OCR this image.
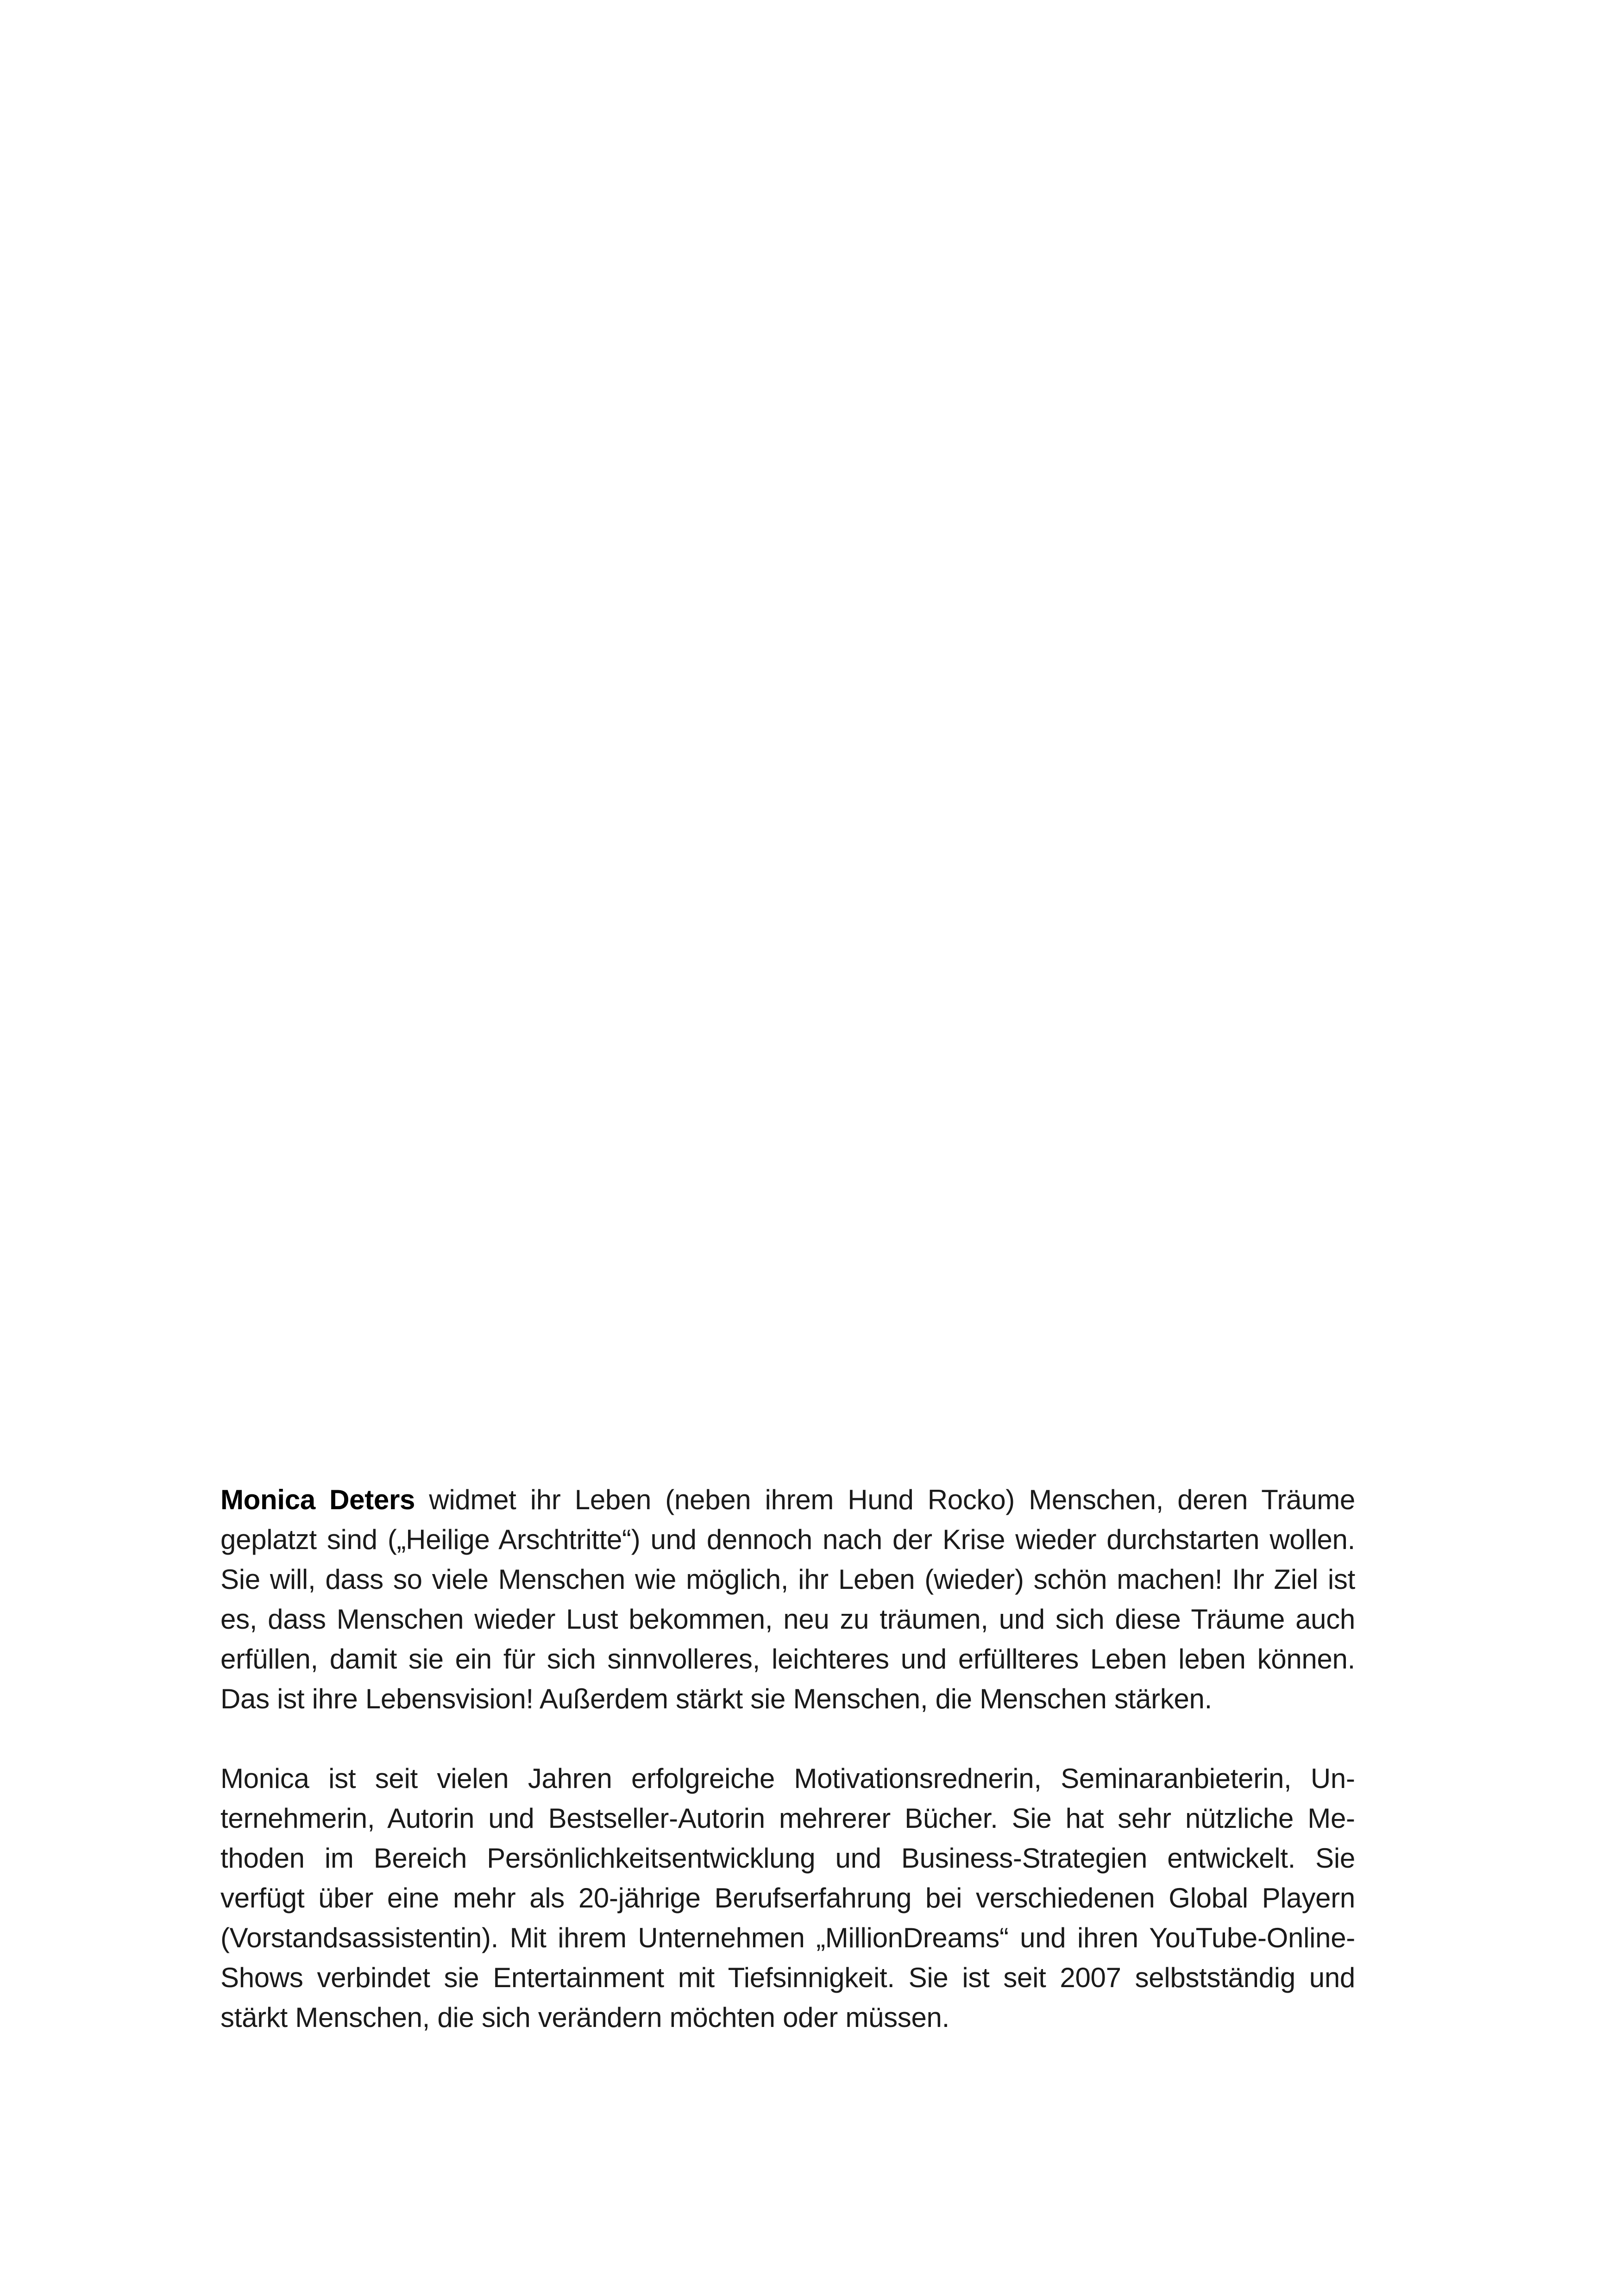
Monica Deters widmet ihr Leben (neben ihrem Hund Rocko) Menschen, deren Träume geplatzt sind („Heilige Arschtritte“) und dennoch nach der Krise wieder durchstarten wollen. Sie will, dass so viele Menschen wie möglich, ihr Leben (wieder) schön machen! Ihr Ziel ist es, dass Menschen wieder Lust bekommen, neu zu träumen, und sich diese Träume auch erfüllen, damit sie ein für sich sinnvolleres, leichteres und erfüllteres Leben leben können. Das ist ihre Lebensvision! Außerdem stärkt sie Menschen, die Menschen stärken.

Monica ist seit vielen Jahren erfolgreiche Motivationsrednerin, Seminaranbieterin, Unternehmerin, Autorin und Bestseller-Autorin mehrerer Bücher. Sie hat sehr nützliche Methoden im Bereich Persönlichkeitsentwicklung und Business-Strategien entwickelt. Sie verfügt über eine mehr als 20-jährige Berufserfahrung bei verschiedenen Global Playern (Vorstandsassistentin). Mit ihrem Unternehmen „MillionDreams“ und ihren YouTube-Online-Shows verbindet sie Entertainment mit Tiefsinnigkeit. Sie ist seit 2007 selbstständig und stärkt Menschen, die sich verändern möchten oder müssen.
